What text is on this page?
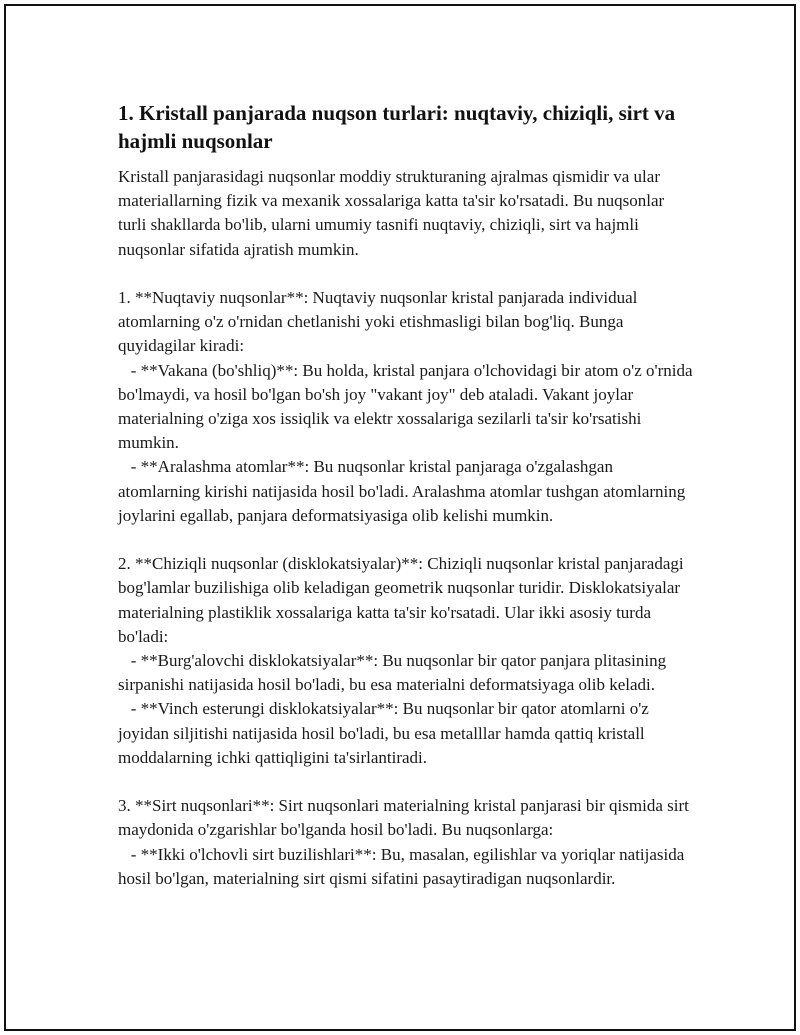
1. Kristall panjarada nuqson turlari: nuqtaviy, chiziqli, sirt va hajmli nuqsonlar

Kristall panjarasidagi nuqsonlar moddiy strukturaning ajralmas qismidir va ular materiallarning fizik va mexanik xossalariga katta ta'sir ko'rsatadi. Bu nuqsonlar turli shakllarda bo'lib, ularni umumiy tasnifi nuqtaviy, chiziqli, sirt va hajmli nuqsonlar sifatida ajratish mumkin.

1. **Nuqtaviy nuqsonlar**: Nuqtaviy nuqsonlar kristal panjarada individual atomlarning o'z o'rnidan chetlanishi yoki etishmasligi bilan bog'liq. Bunga quyidagilar kiradi:

- **Vakana (bo'shliq)**: Bu holda, kristal panjara o'lchovidagi bir atom o'z o'rnida bo'lmaydi, va hosil bo'lgan bo'sh joy "vakant joy" deb ataladi. Vakant joylar materialning o'ziga xos issiqlik va elektr xossalariga sezilarli ta'sir ko'rsatishi mumkin.

- **Aralashma atomlar**: Bu nuqsonlar kristal panjaraga o'zgalashgan atomlarning kirishi natijasida hosil bo'ladi. Aralashma atomlar tushgan atomlarning joylarini egallab, panjara deformatsiyasiga olib kelishi mumkin.

2. **Chiziqli nuqsonlar (disklokatsiyalar)**: Chiziqli nuqsonlar kristal panjaradagi bog'lamlar buzilishiga olib keladigan geometrik nuqsonlar turidir. Disklokatsiyalar materialning plastiklik xossalariga katta ta'sir ko'rsatadi. Ular ikki asosiy turda bo'ladi:

- **Burg'alovchi disklokatsiyalar**: Bu nuqsonlar bir qator panjara plitasining sirpanishi natijasida hosil bo'ladi, bu esa materialni deformatsiyaga olib keladi.

- **Vinch esterungi disklokatsiyalar**: Bu nuqsonlar bir qator atomlarni o'z joyidan siljitishi natijasida hosil bo'ladi, bu esa metalllar hamda qattiq kristall moddalarning ichki qattiqligini ta'sirlantiradi.

3. **Sirt nuqsonlari**: Sirt nuqsonlari materialning kristal panjarasi bir qismida sirt maydonida o'zgarishlar bo'lganda hosil bo'ladi. Bu nuqsonlarga:

- **Ikki o'lchovli sirt buzilishlari**: Bu, masalan, egilishlar va yoriqlar natijasida hosil bo'lgan, materialning sirt qismi sifatini pasaytiradigan nuqsonlardir.
